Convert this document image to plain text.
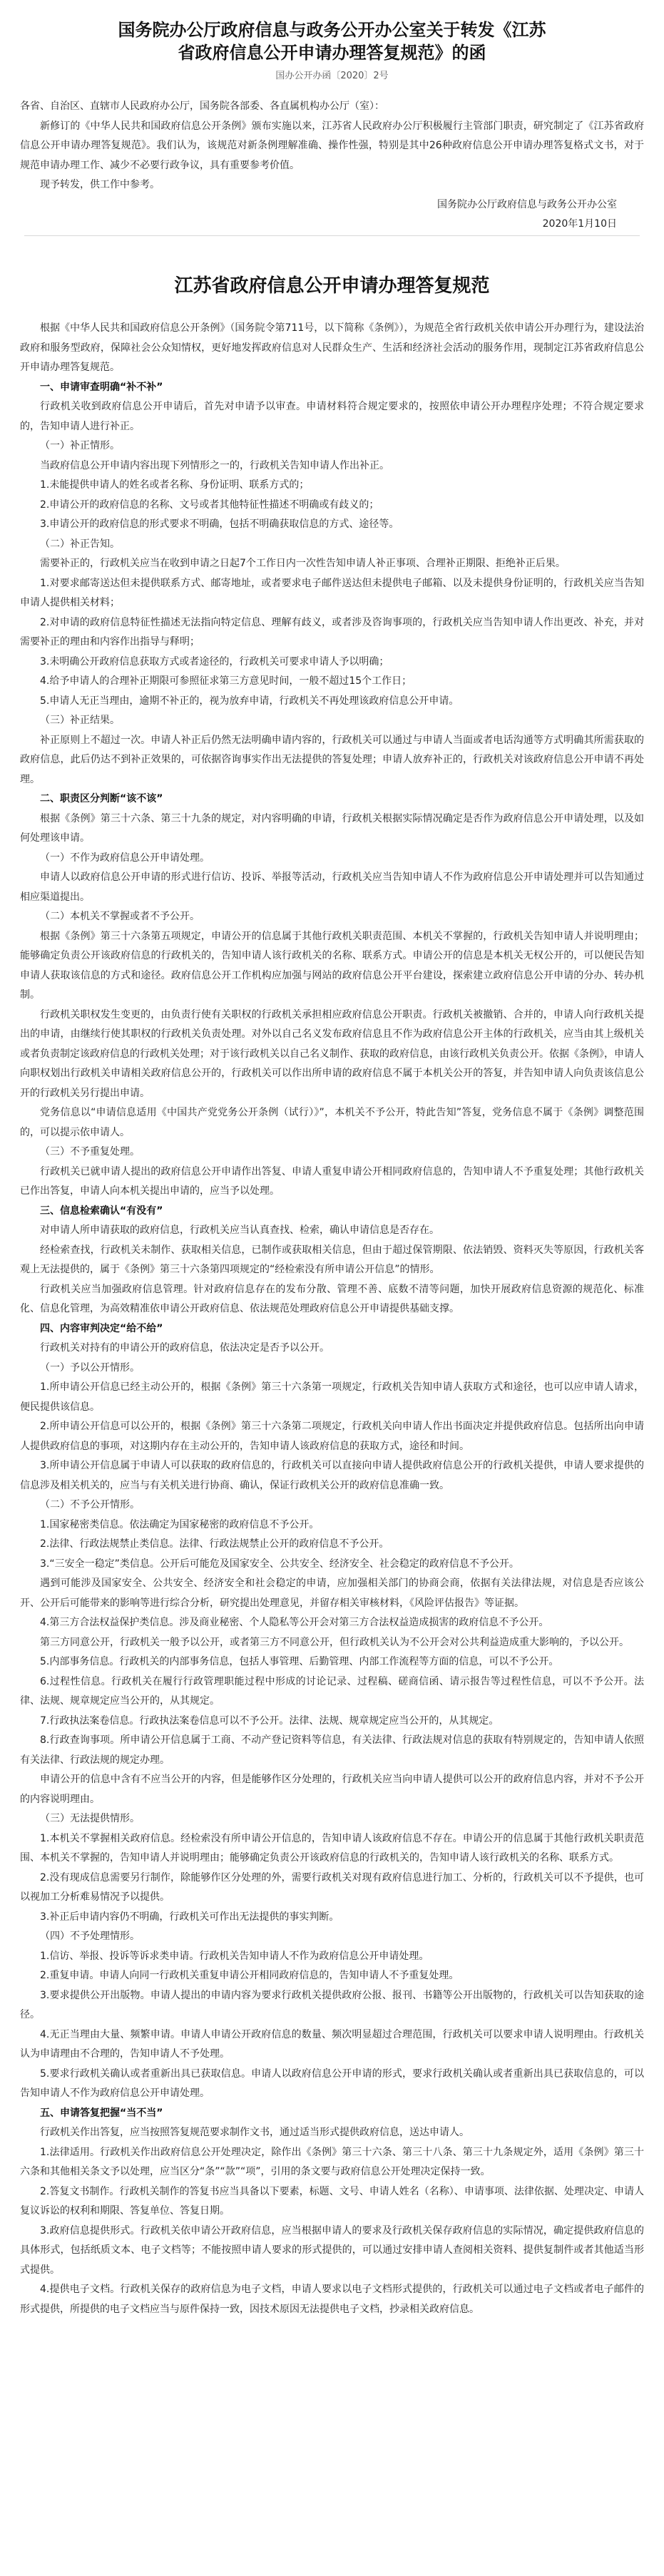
国务院办公厅政府信息与政务公开办公室关于转发《江苏省政府信息公开申请办理答复规范》的函

国办公开办函〔2020〕2号

各省、自治区、直辖市人民政府办公厅，国务院各部委、各直属机构办公厅（室）：

新修订的《中华人民共和国政府信息公开条例》颁布实施以来，江苏省人民政府办公厅积极履行主管部门职责，研究制定了《江苏省政府信息公开申请办理答复规范》。我们认为，该规范对新条例理解准确、操作性强，特别是其中26种政府信息公开申请办理答复格式文书，对于规范申请办理工作、减少不必要行政争议，具有重要参考价值。

现予转发，供工作中参考。

国务院办公厅政府信息与政务公开办公室

2020年1月10日

江苏省政府信息公开申请办理答复规范

根据《中华人民共和国政府信息公开条例》（国务院令第711号，以下简称《条例》），为规范全省行政机关依申请公开办理行为，建设法治政府和服务型政府，保障社会公众知情权，更好地发挥政府信息对人民群众生产、生活和经济社会活动的服务作用，现制定江苏省政府信息公开申请办理答复规范。

一、申请审查明确“补不补”

行政机关收到政府信息公开申请后，首先对申请予以审查。申请材料符合规定要求的，按照依申请公开办理程序处理；不符合规定要求的，告知申请人进行补正。

（一）补正情形。

当政府信息公开申请内容出现下列情形之一的，行政机关告知申请人作出补正。

1.未能提供申请人的姓名或者名称、身份证明、联系方式的；

2.申请公开的政府信息的名称、文号或者其他特征性描述不明确或有歧义的；

3.申请公开的政府信息的形式要求不明确，包括不明确获取信息的方式、途径等。

（二）补正告知。

需要补正的，行政机关应当在收到申请之日起7个工作日内一次性告知申请人补正事项、合理补正期限、拒绝补正后果。

1.对要求邮寄送达但未提供联系方式、邮寄地址，或者要求电子邮件送达但未提供电子邮箱、以及未提供身份证明的，行政机关应当告知申请人提供相关材料；

2.对申请的政府信息特征性描述无法指向特定信息、理解有歧义，或者涉及咨询事项的，行政机关应当告知申请人作出更改、补充，并对需要补正的理由和内容作出指导与释明；

3.未明确公开政府信息获取方式或者途径的，行政机关可要求申请人予以明确；

4.给予申请人的合理补正期限可参照征求第三方意见时间，一般不超过15个工作日；

5.申请人无正当理由，逾期不补正的，视为放弃申请，行政机关不再处理该政府信息公开申请。

（三）补正结果。

补正原则上不超过一次。申请人补正后仍然无法明确申请内容的，行政机关可以通过与申请人当面或者电话沟通等方式明确其所需获取的政府信息，此后仍达不到补正效果的，可依据咨询事实作出无法提供的答复处理；申请人放弃补正的，行政机关对该政府信息公开申请不再处理。

二、职责区分判断“该不该”

根据《条例》第三十六条、第三十九条的规定，对内容明确的申请，行政机关根据实际情况确定是否作为政府信息公开申请处理，以及如何处理该申请。

（一）不作为政府信息公开申请处理。

申请人以政府信息公开申请的形式进行信访、投诉、举报等活动，行政机关应当告知申请人不作为政府信息公开申请处理并可以告知通过相应渠道提出。

（二）本机关不掌握或者不予公开。

根据《条例》第三十六条第五项规定，申请公开的信息属于其他行政机关职责范围、本机关不掌握的，行政机关告知申请人并说明理由；能够确定负责公开该政府信息的行政机关的，告知申请人该行政机关的名称、联系方式。申请公开的信息是本机关无权公开的，可以便民告知申请人获取该信息的方式和途径。政府信息公开工作机构应加强与网站的政府信息公开平台建设，探索建立政府信息公开申请的分办、转办机制。

行政机关职权发生变更的，由负责行使有关职权的行政机关承担相应政府信息公开职责。行政机关被撤销、合并的，申请人向行政机关提出的申请，由继续行使其职权的行政机关负责处理。对外以自己名义发布政府信息且不作为政府信息公开主体的行政机关，应当由其上级机关或者负责制定该政府信息的行政机关处理；对于该行政机关以自己名义制作、获取的政府信息，由该行政机关负责公开。依据《条例》，申请人向职权划出行政机关申请相关政府信息公开的，行政机关可以作出所申请的政府信息不属于本机关公开的答复，并告知申请人向负责该信息公开的行政机关另行提出申请。

党务信息以“申请信息适用《中国共产党党务公开条例（试行）》”，本机关不予公开，特此告知”答复，党务信息不属于《条例》调整范围的，可以提示依申请人。

（三）不予重复处理。

行政机关已就申请人提出的政府信息公开申请作出答复、申请人重复申请公开相同政府信息的，告知申请人不予重复处理；其他行政机关已作出答复，申请人向本机关提出申请的，应当予以处理。

三、信息检索确认“有没有”

对申请人所申请获取的政府信息，行政机关应当认真查找、检索，确认申请信息是否存在。

经检索查找，行政机关未制作、获取相关信息，已制作或获取相关信息，但由于超过保管期限、依法销毁、资料灭失等原因，行政机关客观上无法提供的，属于《条例》第三十六条第四项规定的“经检索没有所申请公开信息”的情形。

行政机关应当加强政府信息管理。针对政府信息存在的发布分散、管理不善、底数不清等问题，加快开展政府信息资源的规范化、标准化、信息化管理，为高效精准依申请公开政府信息、依法规范处理政府信息公开申请提供基础支撑。

四、内容审判决定“给不给”

行政机关对持有的申请公开的政府信息，依法决定是否予以公开。

（一）予以公开情形。

1.所申请公开信息已经主动公开的，根据《条例》第三十六条第一项规定，行政机关告知申请人获取方式和途径，也可以应申请人请求，便民提供该信息。

2.所申请公开信息可以公开的，根据《条例》第三十六条第二项规定，行政机关向申请人作出书面决定并提供政府信息。包括所出向申请人提供政府信息的事项，对这期内存在主动公开的，告知申请人该政府信息的获取方式，途径和时间。

3.所申请公开信息属于申请人可以获取的政府信息的，行政机关可以直接向申请人提供政府信息公开的行政机关提供，申请人要求提供的信息涉及相关机关的，应当与有关机关进行协商、确认，保证行政机关公开的政府信息准确一致。

（二）不予公开情形。

1.国家秘密类信息。依法确定为国家秘密的政府信息不予公开。

2.法律、行政法规禁止类信息。法律、行政法规禁止公开的政府信息不予公开。

3.“三安全一稳定”类信息。公开后可能危及国家安全、公共安全、经济安全、社会稳定的政府信息不予公开。

遇到可能涉及国家安全、公共安全、经济安全和社会稳定的申请，应加强相关部门的协商会商，依据有关法律法规，对信息是否应该公开、公开后可能带来的影响等进行综合分析，研究提出处理意见，并留存相关审核材料，《风险评估报告》等证据。

4.第三方合法权益保护类信息。涉及商业秘密、个人隐私等公开会对第三方合法权益造成损害的政府信息不予公开。

第三方同意公开，行政机关一般予以公开，或者第三方不同意公开，但行政机关认为不公开会对公共利益造成重大影响的，予以公开。

5.内部事务信息。行政机关的内部事务信息，包括人事管理、后勤管理、内部工作流程等方面的信息，可以不予公开。

6.过程性信息。行政机关在履行行政管理职能过程中形成的讨论记录、过程稿、磋商信函、请示报告等过程性信息，可以不予公开。法律、法规、规章规定应当公开的，从其规定。

7.行政执法案卷信息。行政执法案卷信息可以不予公开。法律、法规、规章规定应当公开的，从其规定。

8.行政查询事项。所申请公开信息属于工商、不动产登记资料等信息，有关法律、行政法规对信息的获取有特别规定的，告知申请人依照有关法律、行政法规的规定办理。

申请公开的信息中含有不应当公开的内容，但是能够作区分处理的，行政机关应当向申请人提供可以公开的政府信息内容，并对不予公开的内容说明理由。

（三）无法提供情形。

1.本机关不掌握相关政府信息。经检索没有所申请公开信息的，告知申请人该政府信息不存在。申请公开的信息属于其他行政机关职责范围、本机关不掌握的，告知申请人并说明理由；能够确定负责公开该政府信息的行政机关的，告知申请人该行政机关的名称、联系方式。

2.没有现成信息需要另行制作，除能够作区分处理的外，需要行政机关对现有政府信息进行加工、分析的，行政机关可以不予提供，也可以视加工分析难易情况予以提供。

3.补正后申请内容仍不明确，行政机关可作出无法提供的事实判断。

（四）不予处理情形。

1.信访、举报、投诉等诉求类申请。行政机关告知申请人不作为政府信息公开申请处理。

2.重复申请。申请人向同一行政机关重复申请公开相同政府信息的，告知申请人不予重复处理。

3.要求提供公开出版物。申请人提出的申请内容为要求行政机关提供政府公报、报刊、书籍等公开出版物的，行政机关可以告知获取的途径。

4.无正当理由大量、频繁申请。申请人申请公开政府信息的数量、频次明显超过合理范围，行政机关可以要求申请人说明理由。行政机关认为申请理由不合理的，告知申请人不予处理。

5.要求行政机关确认或者重新出具已获取信息。申请人以政府信息公开申请的形式，要求行政机关确认或者重新出具已获取信息的，可以告知申请人不作为政府信息公开申请处理。

五、申请答复把握“当不当”

行政机关作出答复，应当按照答复规范要求制作文书，通过适当形式提供政府信息，送达申请人。

1.法律适用。行政机关作出政府信息公开处理决定，除作出《条例》第三十六条、第三十八条、第三十九条规定外，适用《条例》第三十六条和其他相关条文予以处理，应当区分“条”“款”“项”，引用的条文要与政府信息公开处理决定保持一致。

2.答复文书制作。行政机关制作的答复书应当具备以下要素，标题、文号、申请人姓名（名称）、申请事项、法律依据、处理决定、申请人复议诉讼的权利和期限、答复单位、答复日期。

3.政府信息提供形式。行政机关依申请公开政府信息，应当根据申请人的要求及行政机关保存政府信息的实际情况，确定提供政府信息的具体形式，包括纸质文本、电子文档等；不能按照申请人要求的形式提供的，可以通过安排申请人查阅相关资料、提供复制件或者其他适当形式提供。

4.提供电子文档。行政机关保存的政府信息为电子文档，申请人要求以电子文档形式提供的，行政机关可以通过电子文档或者电子邮件的形式提供，所提供的电子文档应当与原件保持一致，因技术原因无法提供电子文档，抄录相关政府信息。
